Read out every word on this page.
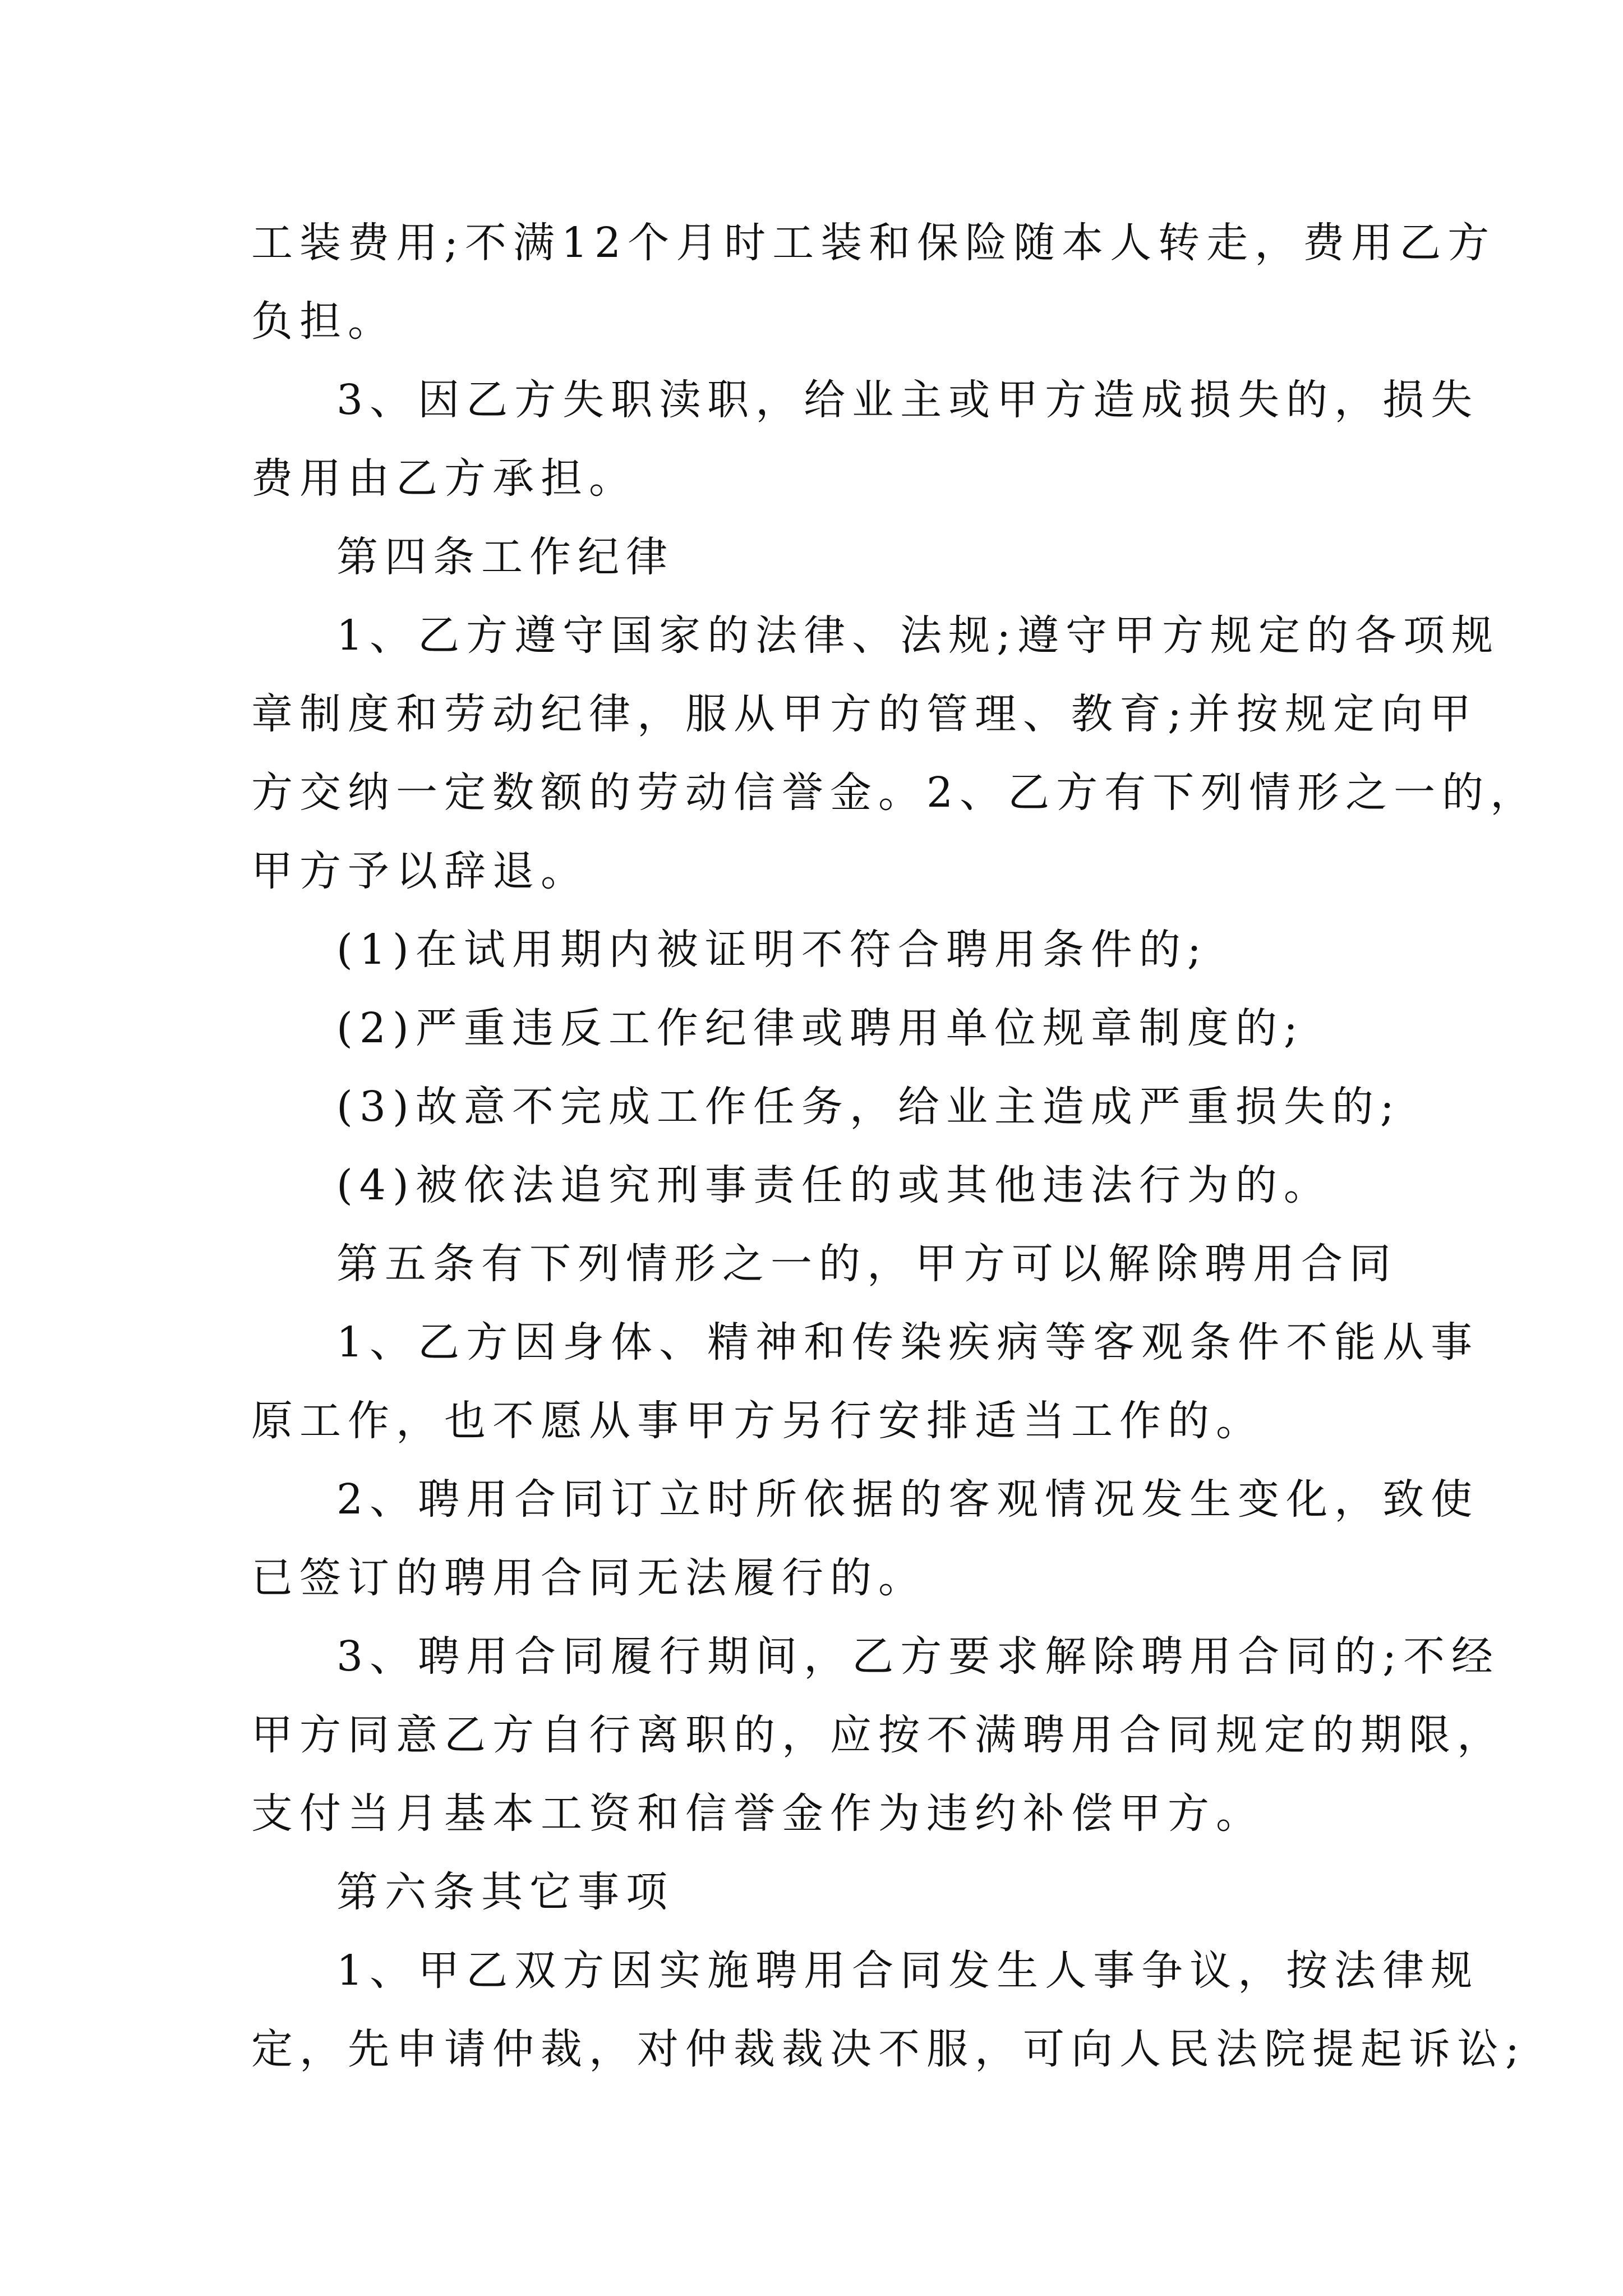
工装费用;不满12个月时工装和保险随本人转走，费用乙方
负担。
3、因乙方失职渎职，给业主或甲方造成损失的，损失
费用由乙方承担。
第四条工作纪律
1、乙方遵守国家的法律、法规;遵守甲方规定的各项规
章制度和劳动纪律，服从甲方的管理、教育;并按规定向甲
方交纳一定数额的劳动信誉金。2、乙方有下列情形之一的，
甲方予以辞退。
(1)在试用期内被证明不符合聘用条件的;
(2)严重违反工作纪律或聘用单位规章制度的;
(3)故意不完成工作任务，给业主造成严重损失的;
(4)被依法追究刑事责任的或其他违法行为的。
第五条有下列情形之一的，甲方可以解除聘用合同
1、乙方因身体、精神和传染疾病等客观条件不能从事
原工作，也不愿从事甲方另行安排适当工作的。
2、聘用合同订立时所依据的客观情况发生变化，致使
已签订的聘用合同无法履行的。
3、聘用合同履行期间，乙方要求解除聘用合同的;不经
甲方同意乙方自行离职的，应按不满聘用合同规定的期限，
支付当月基本工资和信誉金作为违约补偿甲方。
第六条其它事项
1、甲乙双方因实施聘用合同发生人事争议，按法律规
定，先申请仲裁，对仲裁裁决不服，可向人民法院提起诉讼;
